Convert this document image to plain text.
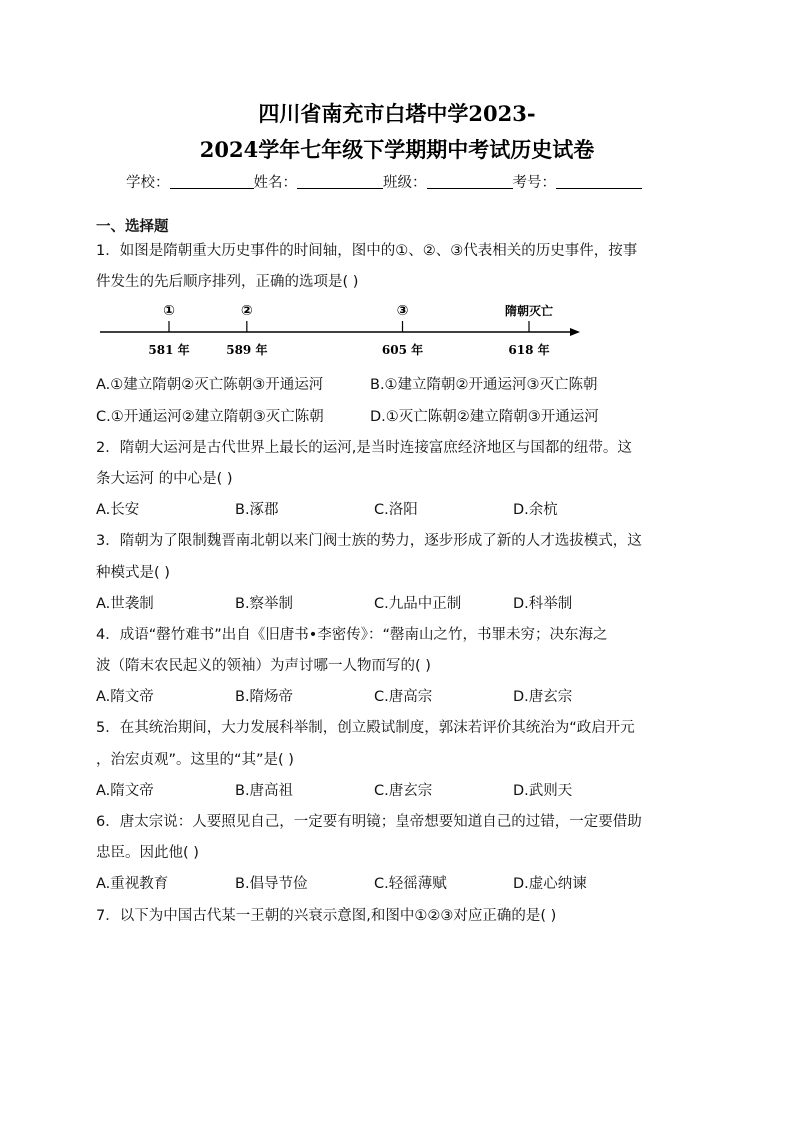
四川省南充市白塔中学2023-
2024学年七年级下学期期中考试历史试卷
学校：	姓名：	班级：	考号：
一、选择题
1．如图是隋朝重大历史事件的时间轴，图中的①、②、③代表相关的历史事件，按事
件发生的先后顺序排列，正确的选项是( )
①
581 年
②
589 年
③
605 年
隋朝灭亡
618 年
A.①建立隋朝②灭亡陈朝③开通运河	B.①建立隋朝②开通运河③灭亡陈朝
C.①开通运河②建立隋朝③灭亡陈朝	D.①灭亡陈朝②建立隋朝③开通运河
2．隋朝大运河是古代世界上最长的运河,是当时连接富庶经济地区与国都的纽带。这
条大运河 的中心是( )
A.长安	B.涿郡	C.洛阳	D.余杭
3．隋朝为了限制魏晋南北朝以来门阀士族的势力，逐步形成了新的人才选拔模式，这
种模式是( )
A.世袭制	B.察举制	C.九品中正制	D.科举制
4．成语“罄竹难书”出自《旧唐书•李密传》：“罄南山之竹，书罪未穷；决东海之
波（隋末农民起义的领袖）为声讨哪一人物而写的( )
A.隋文帝	B.隋炀帝	C.唐高宗	D.唐玄宗
5．在其统治期间，大力发展科举制，创立殿试制度，郭沫若评价其统治为“政启开元
，治宏贞观”。这里的“其”是( )
A.隋文帝	B.唐高祖	C.唐玄宗	D.武则天
6．唐太宗说：人要照见自己，一定要有明镜；皇帝想要知道自己的过错，一定要借助
忠臣。因此他( )
A.重视教育	B.倡导节俭	C.轻徭薄赋	D.虚心纳谏
7．以下为中国古代某一王朝的兴衰示意图,和图中①②③对应正确的是( )
